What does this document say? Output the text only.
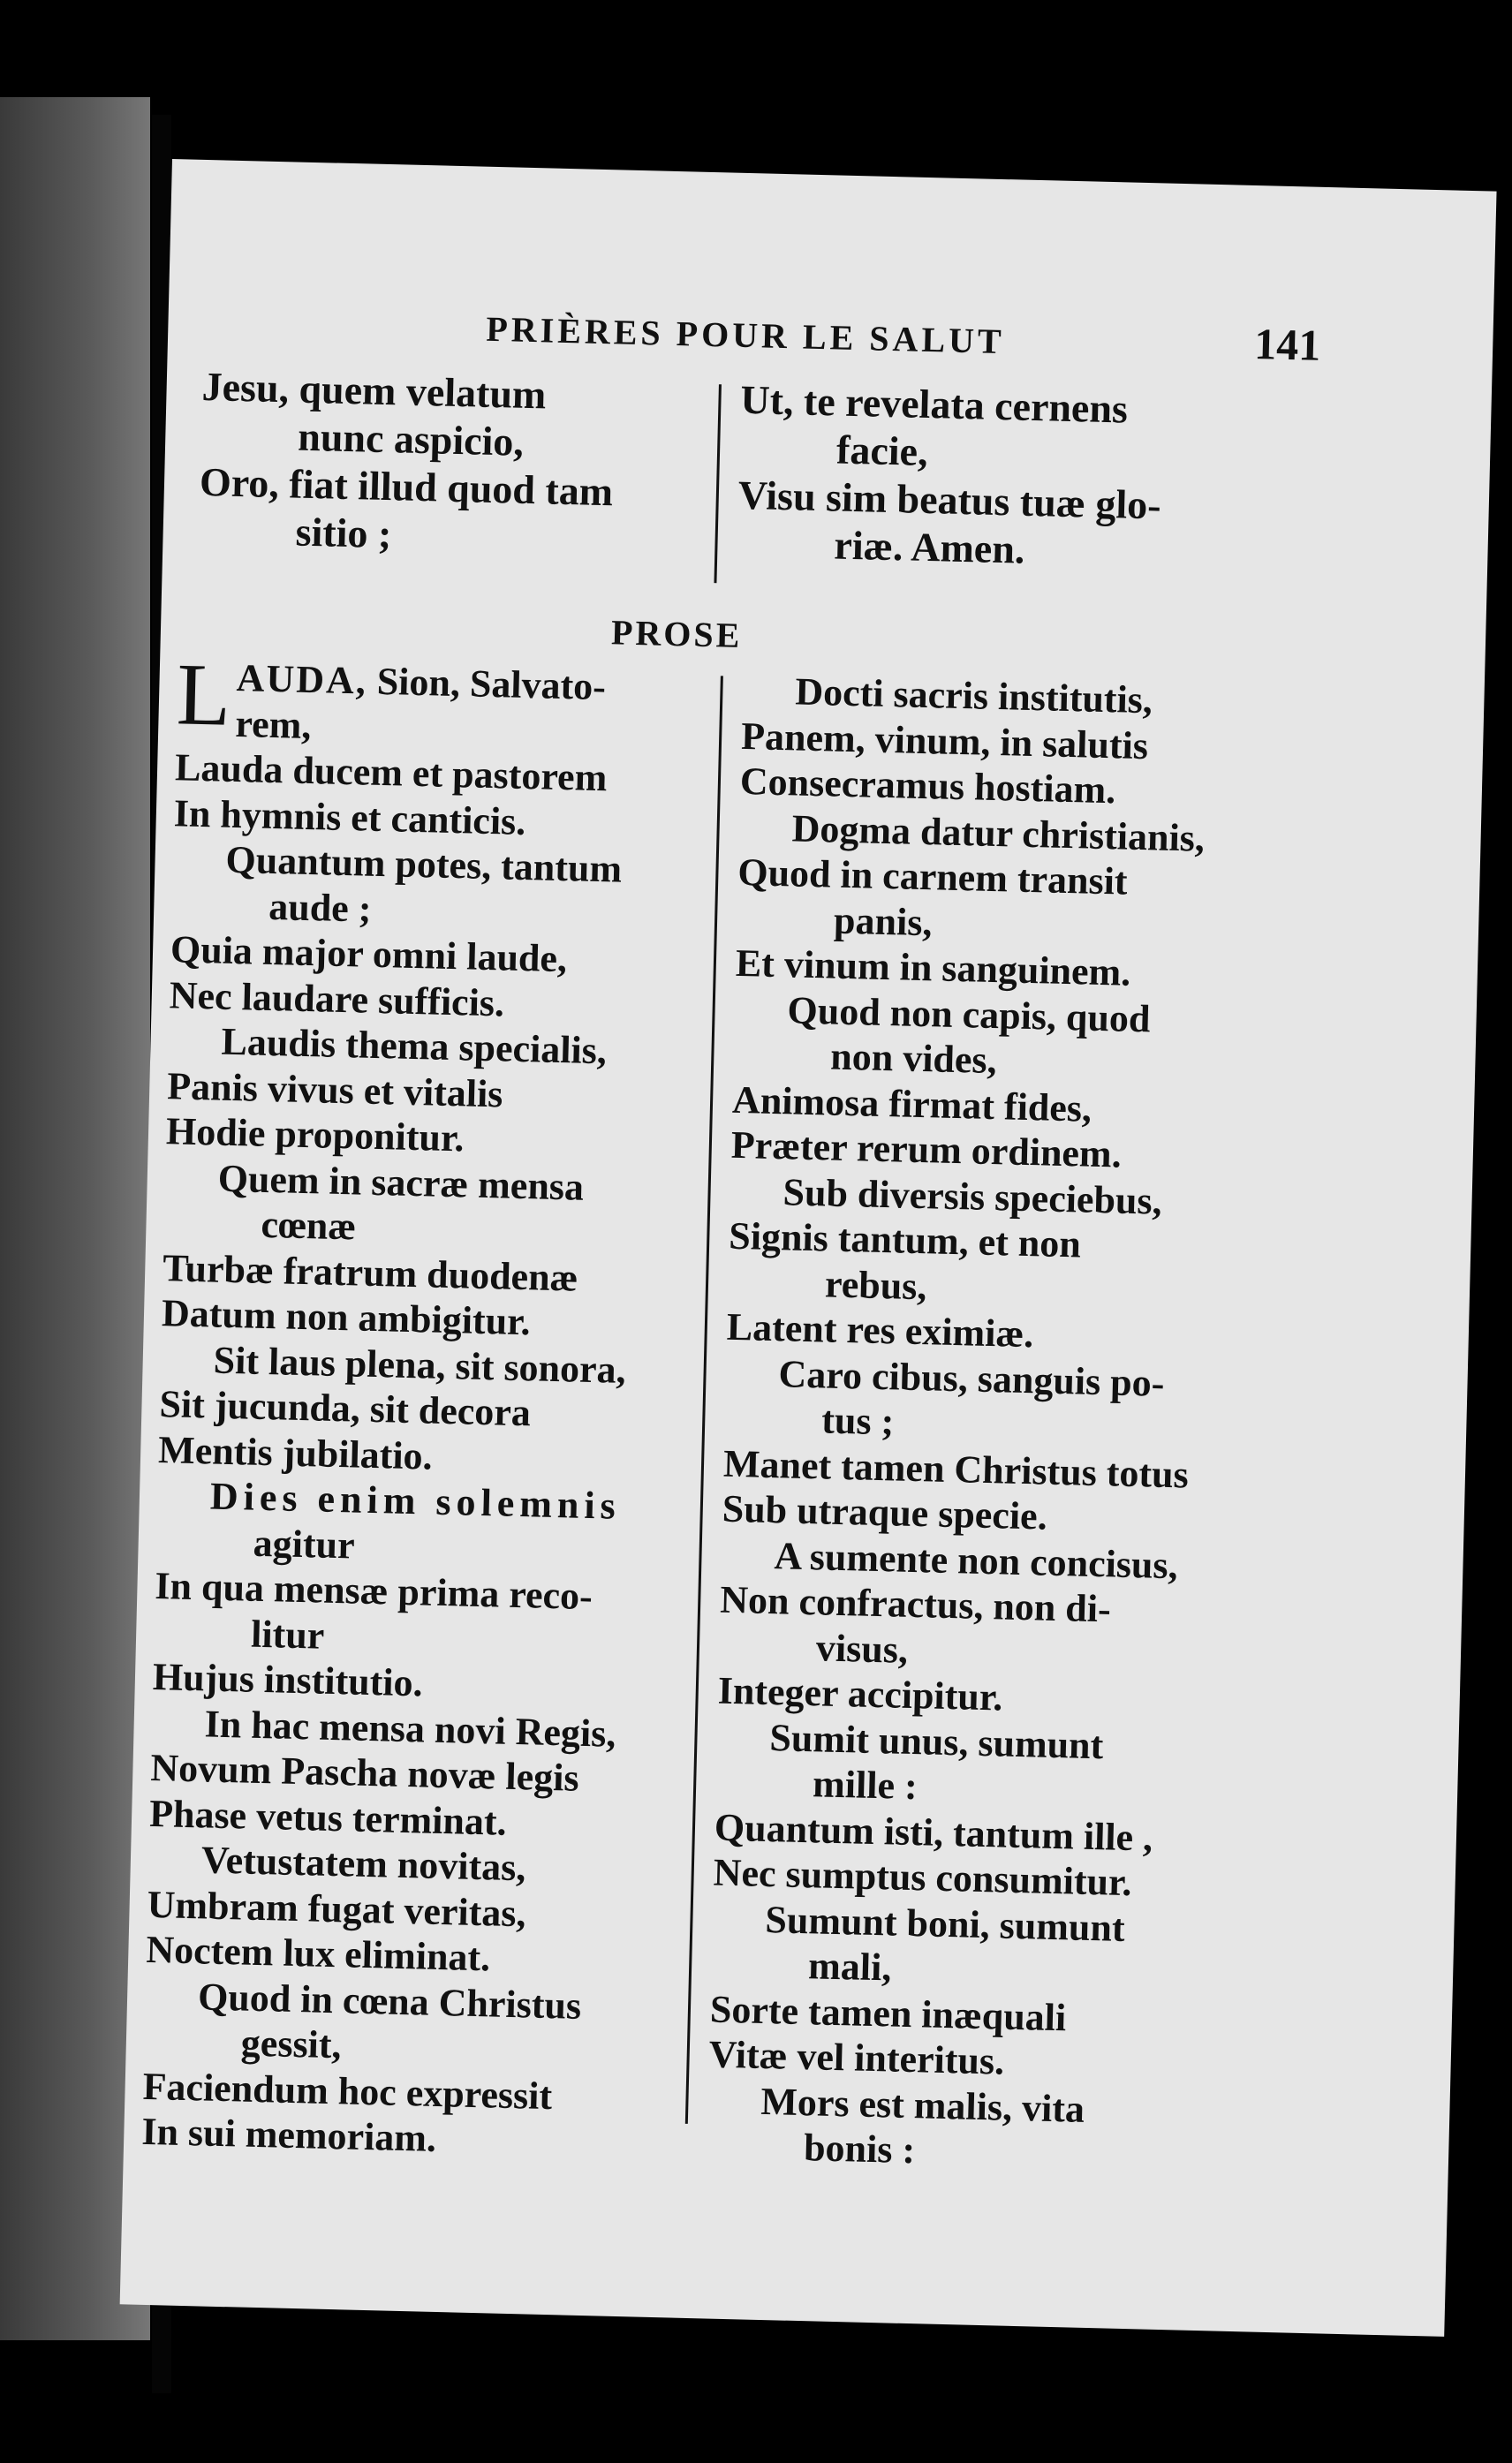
PRIÈRES POUR LE SALUT	141
Jesu, quem velatum
nunc aspicio,
Oro, fiat illud quod tam
sitio ;
Ut, te revelata cernens
facie,
Visu sim beatus tuæ glo-
riæ. Amen.
PROSE
L AUDA, Sion, Salvato-
rem,
Lauda ducem et pastorem
In hymnis et canticis.
Quantum potes, tantum
aude ;
Quia major omni laude,
Nec laudare sufficis.
Laudis thema specialis,
Panis vivus et vitalis
Hodie proponitur.
Quem in sacræ mensa
cœnæ
Turbæ fratrum duodenæ
Datum non ambigitur.
Sit laus plena, sit sonora,
Sit jucunda, sit decora
Mentis jubilatio.
Dies enim solemnis
agitur
In qua mensæ prima reco-
litur
Hujus institutio.
In hac mensa novi Regis,
Novum Pascha novæ legis
Phase vetus terminat.
Vetustatem novitas,
Umbram fugat veritas,
Noctem lux eliminat.
Quod in cœna Christus
gessit,
Faciendum hoc expressit
In sui memoriam.
Docti sacris institutis,
Panem, vinum, in salutis
Consecramus hostiam.
Dogma datur christianis,
Quod in carnem transit
panis,
Et vinum in sanguinem.
Quod non capis, quod
non vides,
Animosa firmat fides,
Præter rerum ordinem.
Sub diversis speciebus,
Signis tantum, et non
rebus,
Latent res eximiæ.
Caro cibus, sanguis po-
tus ;
Manet tamen Christus totus
Sub utraque specie.
A sumente non concisus,
Non confractus, non di-
visus,
Integer accipitur.
Sumit unus, sumunt
mille :
Quantum isti, tantum ille ,
Nec sumptus consumitur.
Sumunt boni, sumunt
mali,
Sorte tamen inæquali
Vitæ vel interitus.
Mors est malis, vita
bonis :
